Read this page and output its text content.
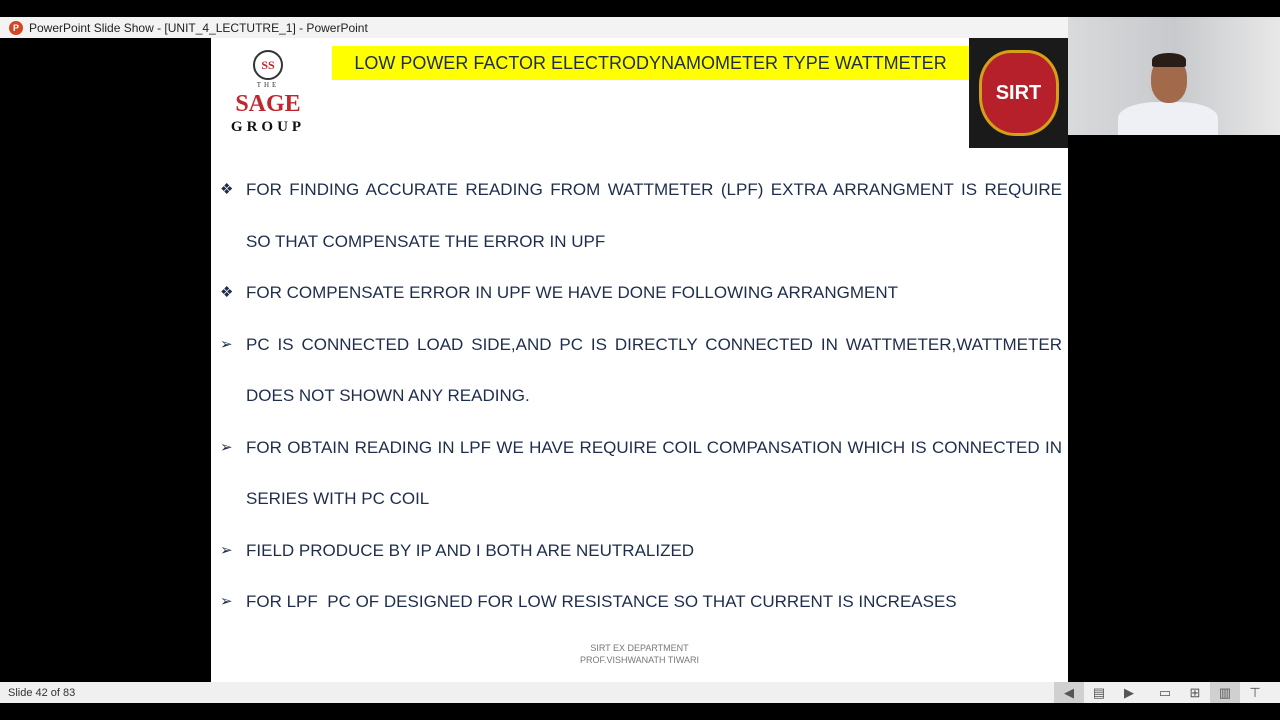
P PowerPoint Slide Show - [UNIT_4_LECTUTRE_1] - PowerPoint
SS
THE
SAGE
GROUP
LOW POWER FACTOR ELECTRODYNAMOMETER TYPE WATTMETER
SIRT
❖ FOR FINDING ACCURATE READING FROM WATTMETER (LPF) EXTRA ARRANGMENT IS REQUIRE SO THAT COMPENSATE THE ERROR IN UPF
❖ FOR COMPENSATE ERROR IN UPF WE HAVE DONE FOLLOWING ARRANGMENT
➢ PC IS CONNECTED LOAD SIDE,AND PC IS DIRECTLY CONNECTED IN WATTMETER,WATTMETER DOES NOT SHOWN ANY READING.
➢ FOR OBTAIN READING IN LPF WE HAVE REQUIRE COIL COMPANSATION WHICH IS CONNECTED IN SERIES WITH PC COIL
➢ FIELD PRODUCE BY IP AND I BOTH ARE NEUTRALIZED
➢ FOR LPF  PC OF DESIGNED FOR LOW RESISTANCE SO THAT CURRENT IS INCREASES
SIRT EX DEPARTMENT
PROF.VISHWANATH TIWARI
Slide 42 of 83	◀	▤	▶	▭	⊞	▥	⊤
